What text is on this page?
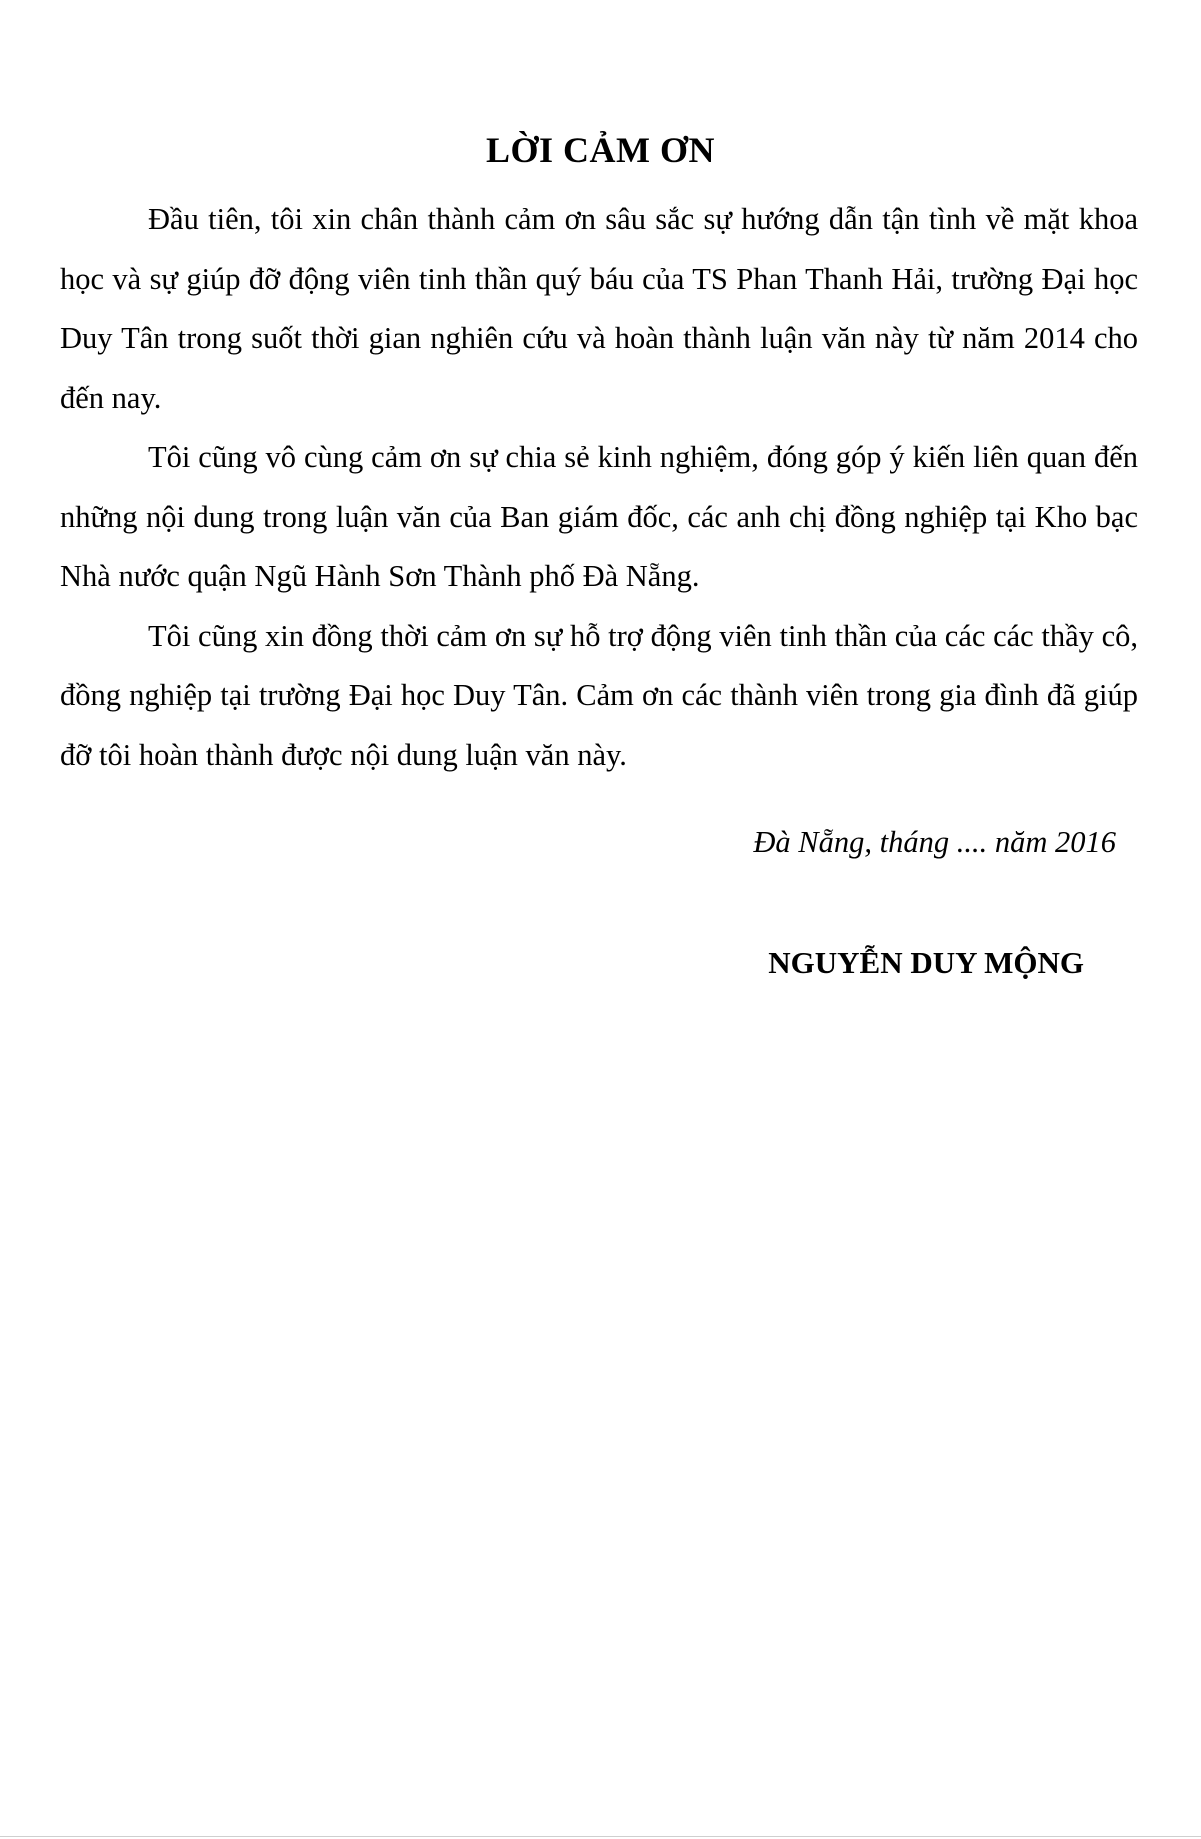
LỜI CẢM ƠN

Đầu tiên, tôi xin chân thành cảm ơn sâu sắc sự hướng dẫn tận tình về mặt khoa học và sự giúp đỡ động viên tinh thần quý báu của TS Phan Thanh Hải, trường Đại học Duy Tân trong suốt thời gian nghiên cứu và hoàn thành luận văn này từ năm 2014 cho đến nay.

Tôi cũng vô cùng cảm ơn sự chia sẻ kinh nghiệm, đóng góp ý kiến liên quan đến những nội dung trong luận văn của Ban giám đốc, các anh chị đồng nghiệp tại Kho bạc Nhà nước quận Ngũ Hành Sơn Thành phố Đà Nẵng.

Tôi cũng xin đồng thời cảm ơn sự hỗ trợ động viên tinh thần của các các thầy cô, đồng nghiệp tại trường Đại học Duy Tân. Cảm ơn các thành viên trong gia đình đã giúp đỡ tôi hoàn thành được nội dung luận văn này.

Đà Nẵng, tháng .... năm 2016
NGUYỄN DUY MỘNG
